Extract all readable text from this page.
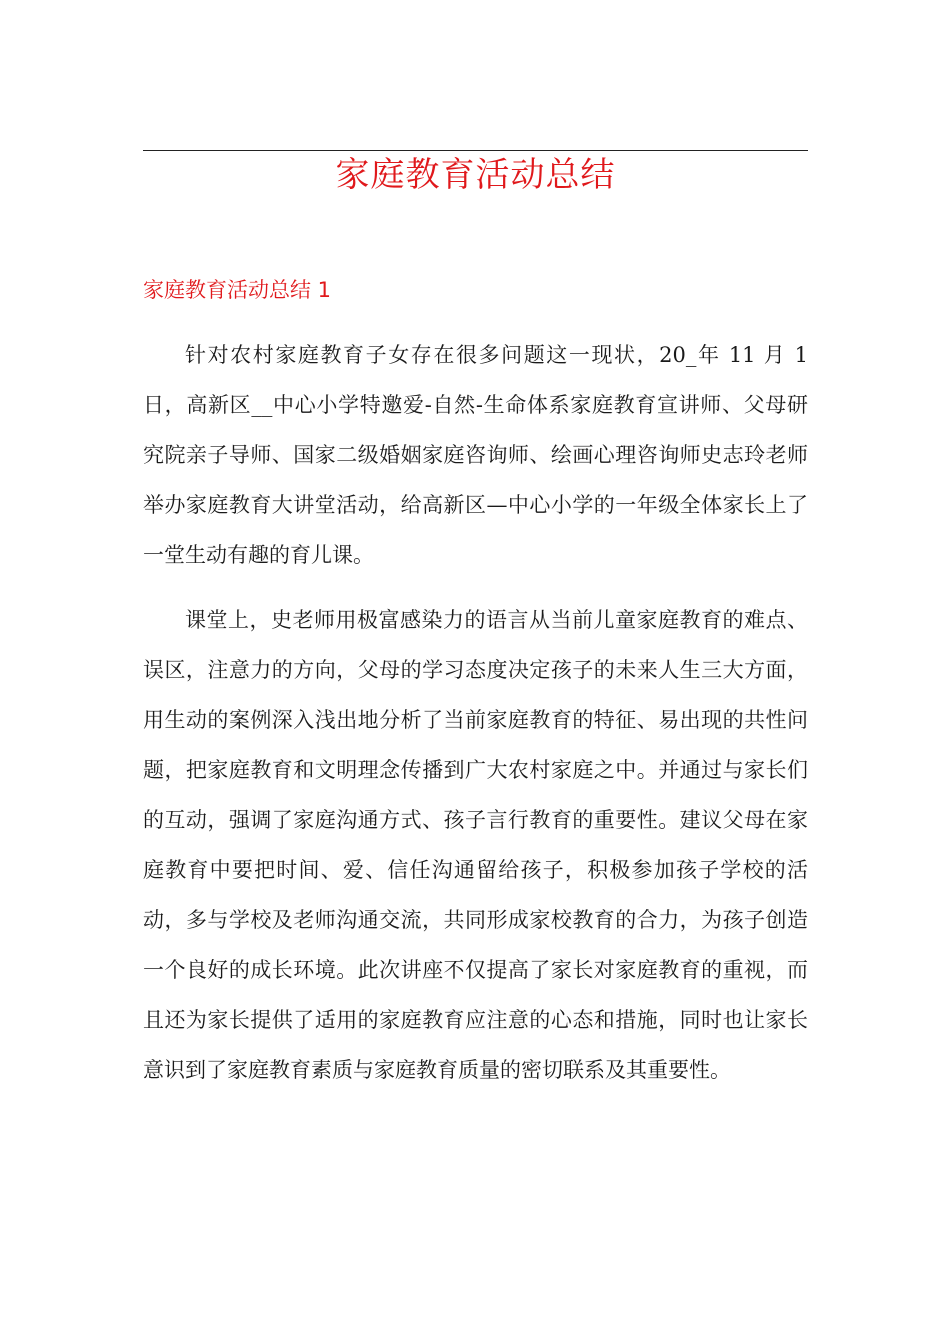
家庭教育活动总结
家庭教育活动总结 1

针对农村家庭教育子女存在很多问题这一现状，20_年 11 月 1 日，高新区__中心小学特邀爱-自然-生命体系家庭教育宣讲师、父母研究院亲子导师、国家二级婚姻家庭咨询师、绘画心理咨询师史志玲老师举办家庭教育大讲堂活动，给高新区—中心小学的一年级全体家长上了一堂生动有趣的育儿课。

课堂上，史老师用极富感染力的语言从当前儿童家庭教育的难点、误区，注意力的方向，父母的学习态度决定孩子的未来人生三大方面，用生动的案例深入浅出地分析了当前家庭教育的特征、易出现的共性问题，把家庭教育和文明理念传播到广大农村家庭之中。并通过与家长们的互动，强调了家庭沟通方式、孩子言行教育的重要性。建议父母在家庭教育中要把时间、爱、信任沟通留给孩子，积极参加孩子学校的活动，多与学校及老师沟通交流，共同形成家校教育的合力，为孩子创造一个良好的成长环境。此次讲座不仅提高了家长对家庭教育的重视，而且还为家长提供了适用的家庭教育应注意的心态和措施，同时也让家长意识到了家庭教育素质与家庭教育质量的密切联系及其重要性。
